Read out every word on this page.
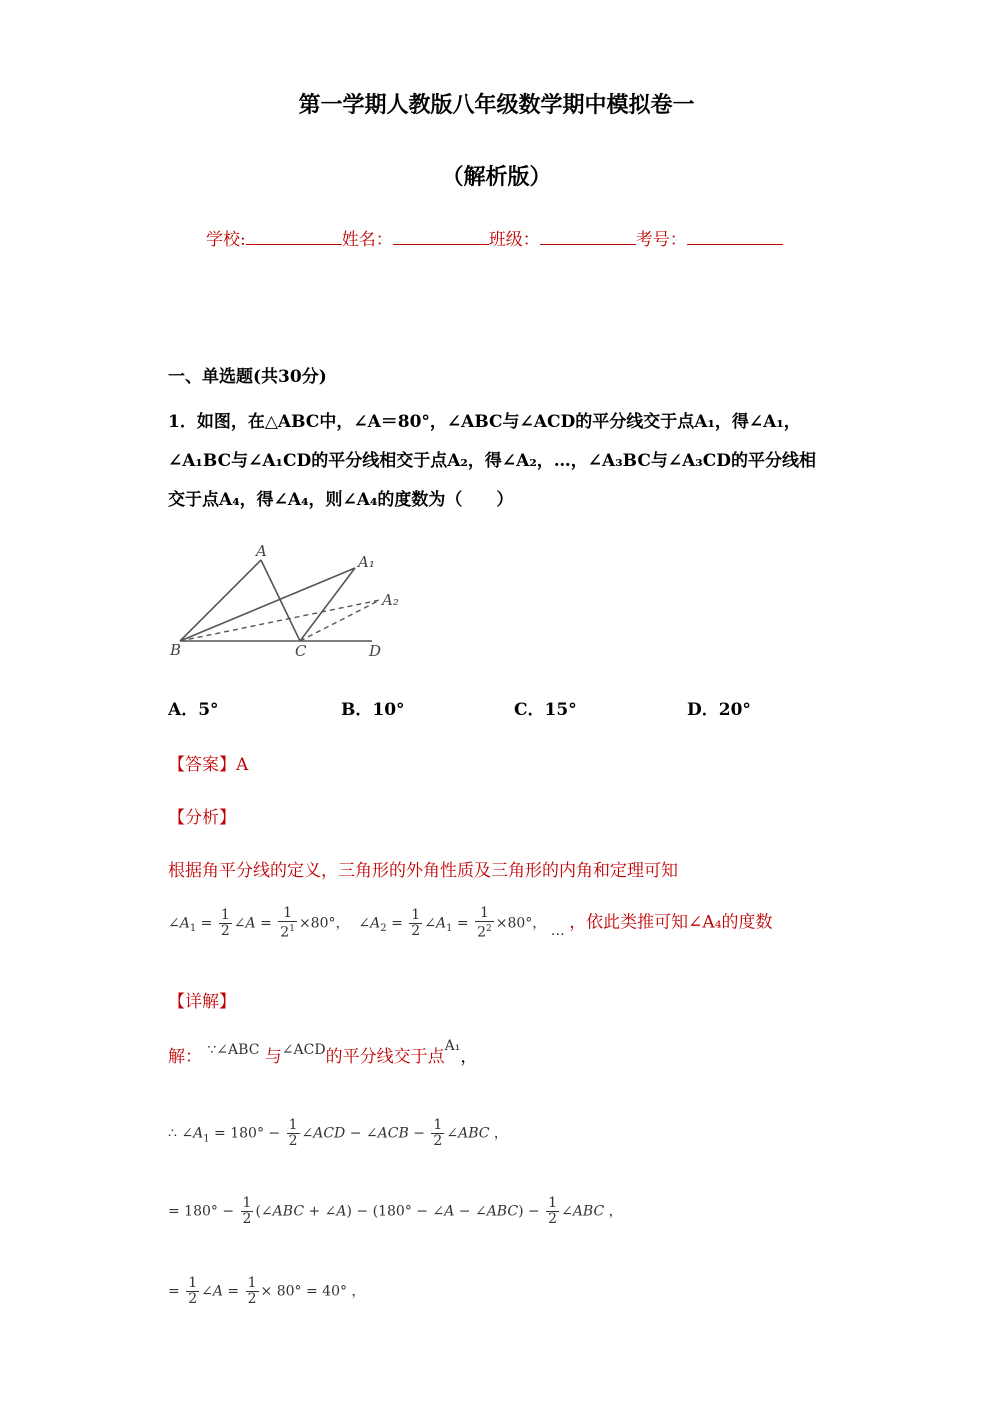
第一学期人教版八年级数学期中模拟卷一
（解析版）
学校:	姓名：	班级：	考号：
一、单选题(共30分)
1．如图，在△ABC中，∠A＝80°，∠ABC与∠ACD的平分线交于点A₁，得∠A₁，
∠A₁BC与∠A₁CD的平分线相交于点A₂，得∠A₂，…，∠A₃BC与∠A₃CD的平分线相
交于点A₄，得∠A₄，则∠A₄的度数为（　　）
A
A₁
A₂
B	C	D
A．5°	B．10°	C．15°	D．20°
【答案】A
【分析】
根据角平分线的定义，三角形的外角性质及三角形的内角和定理可知
$\angle A_1 = \frac{1}{2}$ ∠A = $\frac{1}{2^1} \times 80^\circ$，  $\angle A_2 = \frac{1}{2}$ $\angle A_1 = \frac{1}{2^2} \times 80^\circ$， … ，依此类推可知∠A₄的度数
【详解】
解： $^{\because\angle ABC}$ 与$^{\angle ACD}$的平分线交于点$^{A_1}$，
∴ $\angle A_1 = 180^\circ - \frac{1}{2}$ ∠ACD − ∠ACB − $\frac{1}{2}$ ∠ABC ，
= $180^\circ - \frac{1}{2}$ (∠ABC + ∠A) − (180° − ∠A − ∠ABC) − $\frac{1}{2}$ ∠ABC ，
= $\frac{1}{2}$ ∠A = $\frac{1}{2} \times 80^\circ = 40^\circ$ ，
